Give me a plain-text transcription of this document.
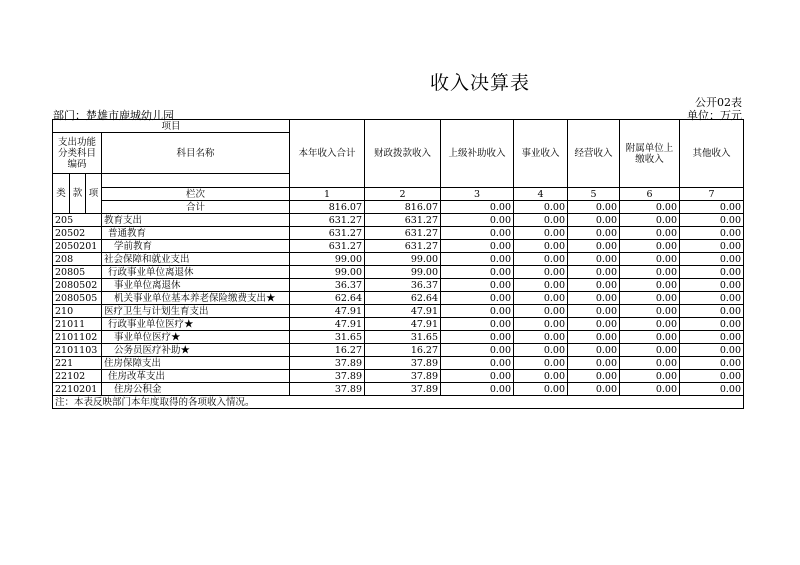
收入决算表
公开02表
部门：楚雄市鹿城幼儿园	单位：万元
项目				本年收入合计	财政拨款收入	上级补助收入	事业收入	经营收入	附属单位上缴收入	其他收入
支出功能分类科目编码			科目名称							

类	款	项								
			栏次	1	2	3	4	5	6	7
			合计	816.07	816.07	0.00	0.00	0.00	0.00	0.00
205			教育支出	631.27	631.27	0.00	0.00	0.00	0.00	0.00
20502			普通教育	631.27	631.27	0.00	0.00	0.00	0.00	0.00
2050201			学前教育	631.27	631.27	0.00	0.00	0.00	0.00	0.00
208			社会保障和就业支出	99.00	99.00	0.00	0.00	0.00	0.00	0.00
20805			行政事业单位离退休	99.00	99.00	0.00	0.00	0.00	0.00	0.00
2080502			事业单位离退休	36.37	36.37	0.00	0.00	0.00	0.00	0.00
2080505			机关事业单位基本养老保险缴费支出★	62.64	62.64	0.00	0.00	0.00	0.00	0.00
210			医疗卫生与计划生育支出	47.91	47.91	0.00	0.00	0.00	0.00	0.00
21011			行政事业单位医疗★	47.91	47.91	0.00	0.00	0.00	0.00	0.00
2101102			事业单位医疗★	31.65	31.65	0.00	0.00	0.00	0.00	0.00
2101103			公务员医疗补助★	16.27	16.27	0.00	0.00	0.00	0.00	0.00
221			住房保障支出	37.89	37.89	0.00	0.00	0.00	0.00	0.00
22102			住房改革支出	37.89	37.89	0.00	0.00	0.00	0.00	0.00
2210201			住房公积金	37.89	37.89	0.00	0.00	0.00	0.00	0.00
注：本表反映部门本年度取得的各项收入情况。										
